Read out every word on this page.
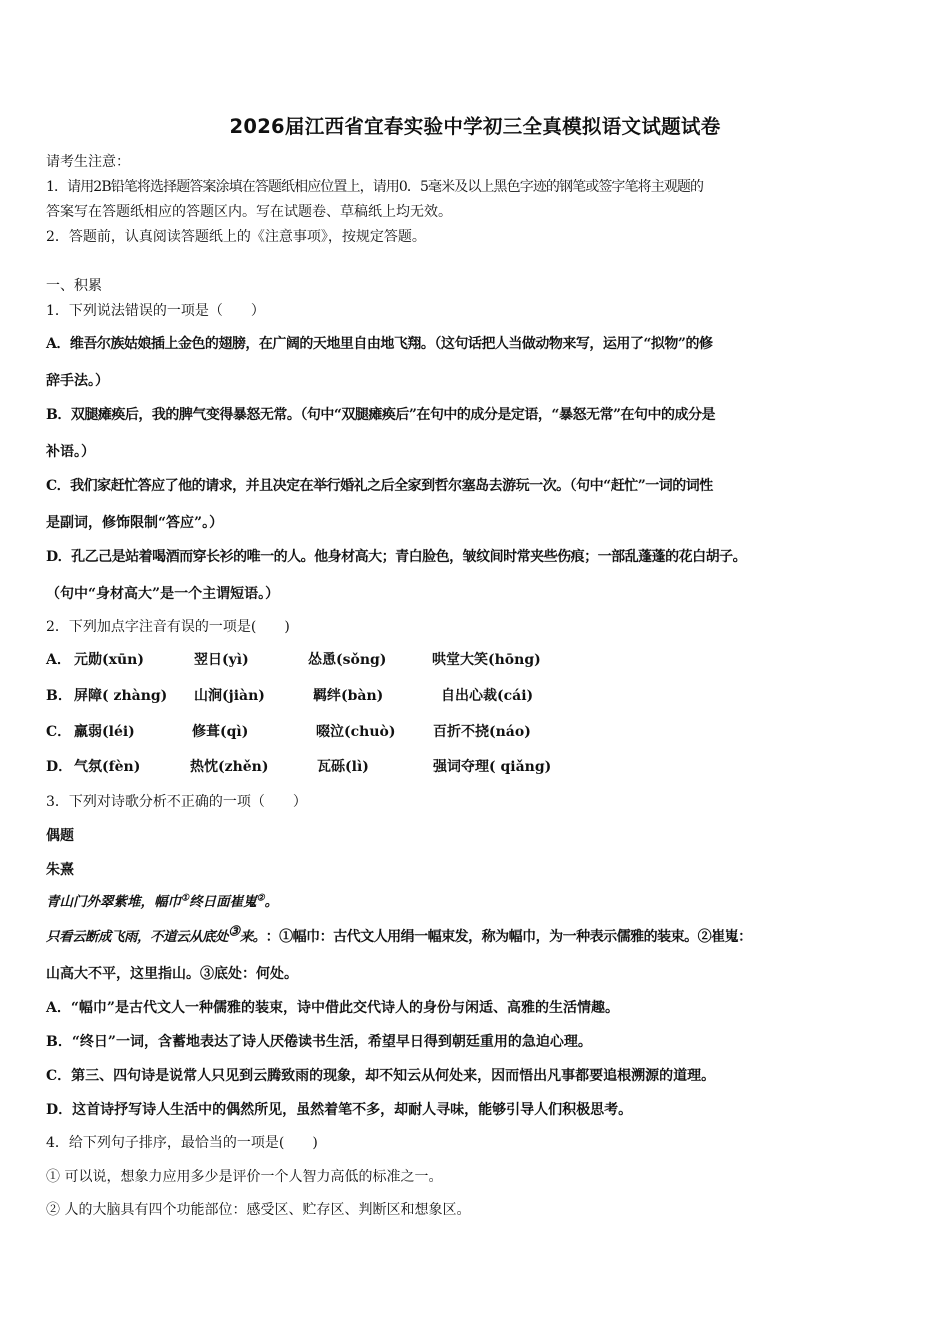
2026届江西省宜春实验中学初三全真模拟语文试题试卷
请考生注意：
1．请用2B铅笔将选择题答案涂填在答题纸相应位置上，请用0．5毫米及以上黑色字迹的钢笔或签字笔将主观题的
答案写在答题纸相应的答题区内。写在试题卷、草稿纸上均无效。
2．答题前，认真阅读答题纸上的《注意事项》，按规定答题。
一、积累
1．下列说法错误的一项是（　　）
A．维吾尔族姑娘插上金色的翅膀，在广阔的天地里自由地飞翔。（这句话把人当做动物来写，运用了“拟物”的修
辞手法。）
B．双腿瘫痪后，我的脾气变得暴怒无常。（句中“双腿瘫痪后”在句中的成分是定语，“暴怒无常”在句中的成分是
补语。）
C．我们家赶忙答应了他的请求，并且决定在举行婚礼之后全家到哲尔塞岛去游玩一次。（句中“赶忙”一词的词性
是副词，修饰限制“答应”。）
D．孔乙己是站着喝酒而穿长衫的唯一的人。他身材高大；青白脸色，皱纹间时常夹些伤痕；一部乱蓬蓬的花白胡子。
（句中“身材高大”是一个主谓短语。）
2．下列加点字注音有误的一项是(　　)
A． 元勋(xūn)	翌日(yì)	怂恿(sǒng)	哄堂大笑(hōng)
B． 屏障( zhàng) 山涧(jiàn)	羁绊(bàn)	自出心裁(cái)
C． 羸弱(léi)	修葺(qì)	啜泣(chuò)	百折不挠(náo)
D． 气氛(fèn)	热忱(zhěn)	瓦砾(lì)	强词夺理( qiǎng)
3．下列对诗歌分析不正确的一项（　　）
偶题
朱熹
青山门外翠紫堆，幅巾①终日面崔嵬②。
只看云断成飞雨，不道云从底处③来。：①幅巾：古代文人用绢一幅束发，称为幅巾，为一种表示儒雅的装束。②崔嵬：
山高大不平，这里指山。③底处：何处。
A．“幅巾”是古代文人一种儒雅的装束，诗中借此交代诗人的身份与闲适、高雅的生活情趣。
B．“终日”一词，含蓄地表达了诗人厌倦读书生活，希望早日得到朝廷重用的急迫心理。
C．第三、四句诗是说常人只见到云腾致雨的现象，却不知云从何处来，因而悟出凡事都要追根溯源的道理。
D．这首诗抒写诗人生活中的偶然所见，虽然着笔不多，却耐人寻味，能够引导人们积极思考。
4．给下列句子排序，最恰当的一项是(　　)
① 可以说，想象力应用多少是评价一个人智力高低的标准之一。
② 人的大脑具有四个功能部位：感受区、贮存区、判断区和想象区。
